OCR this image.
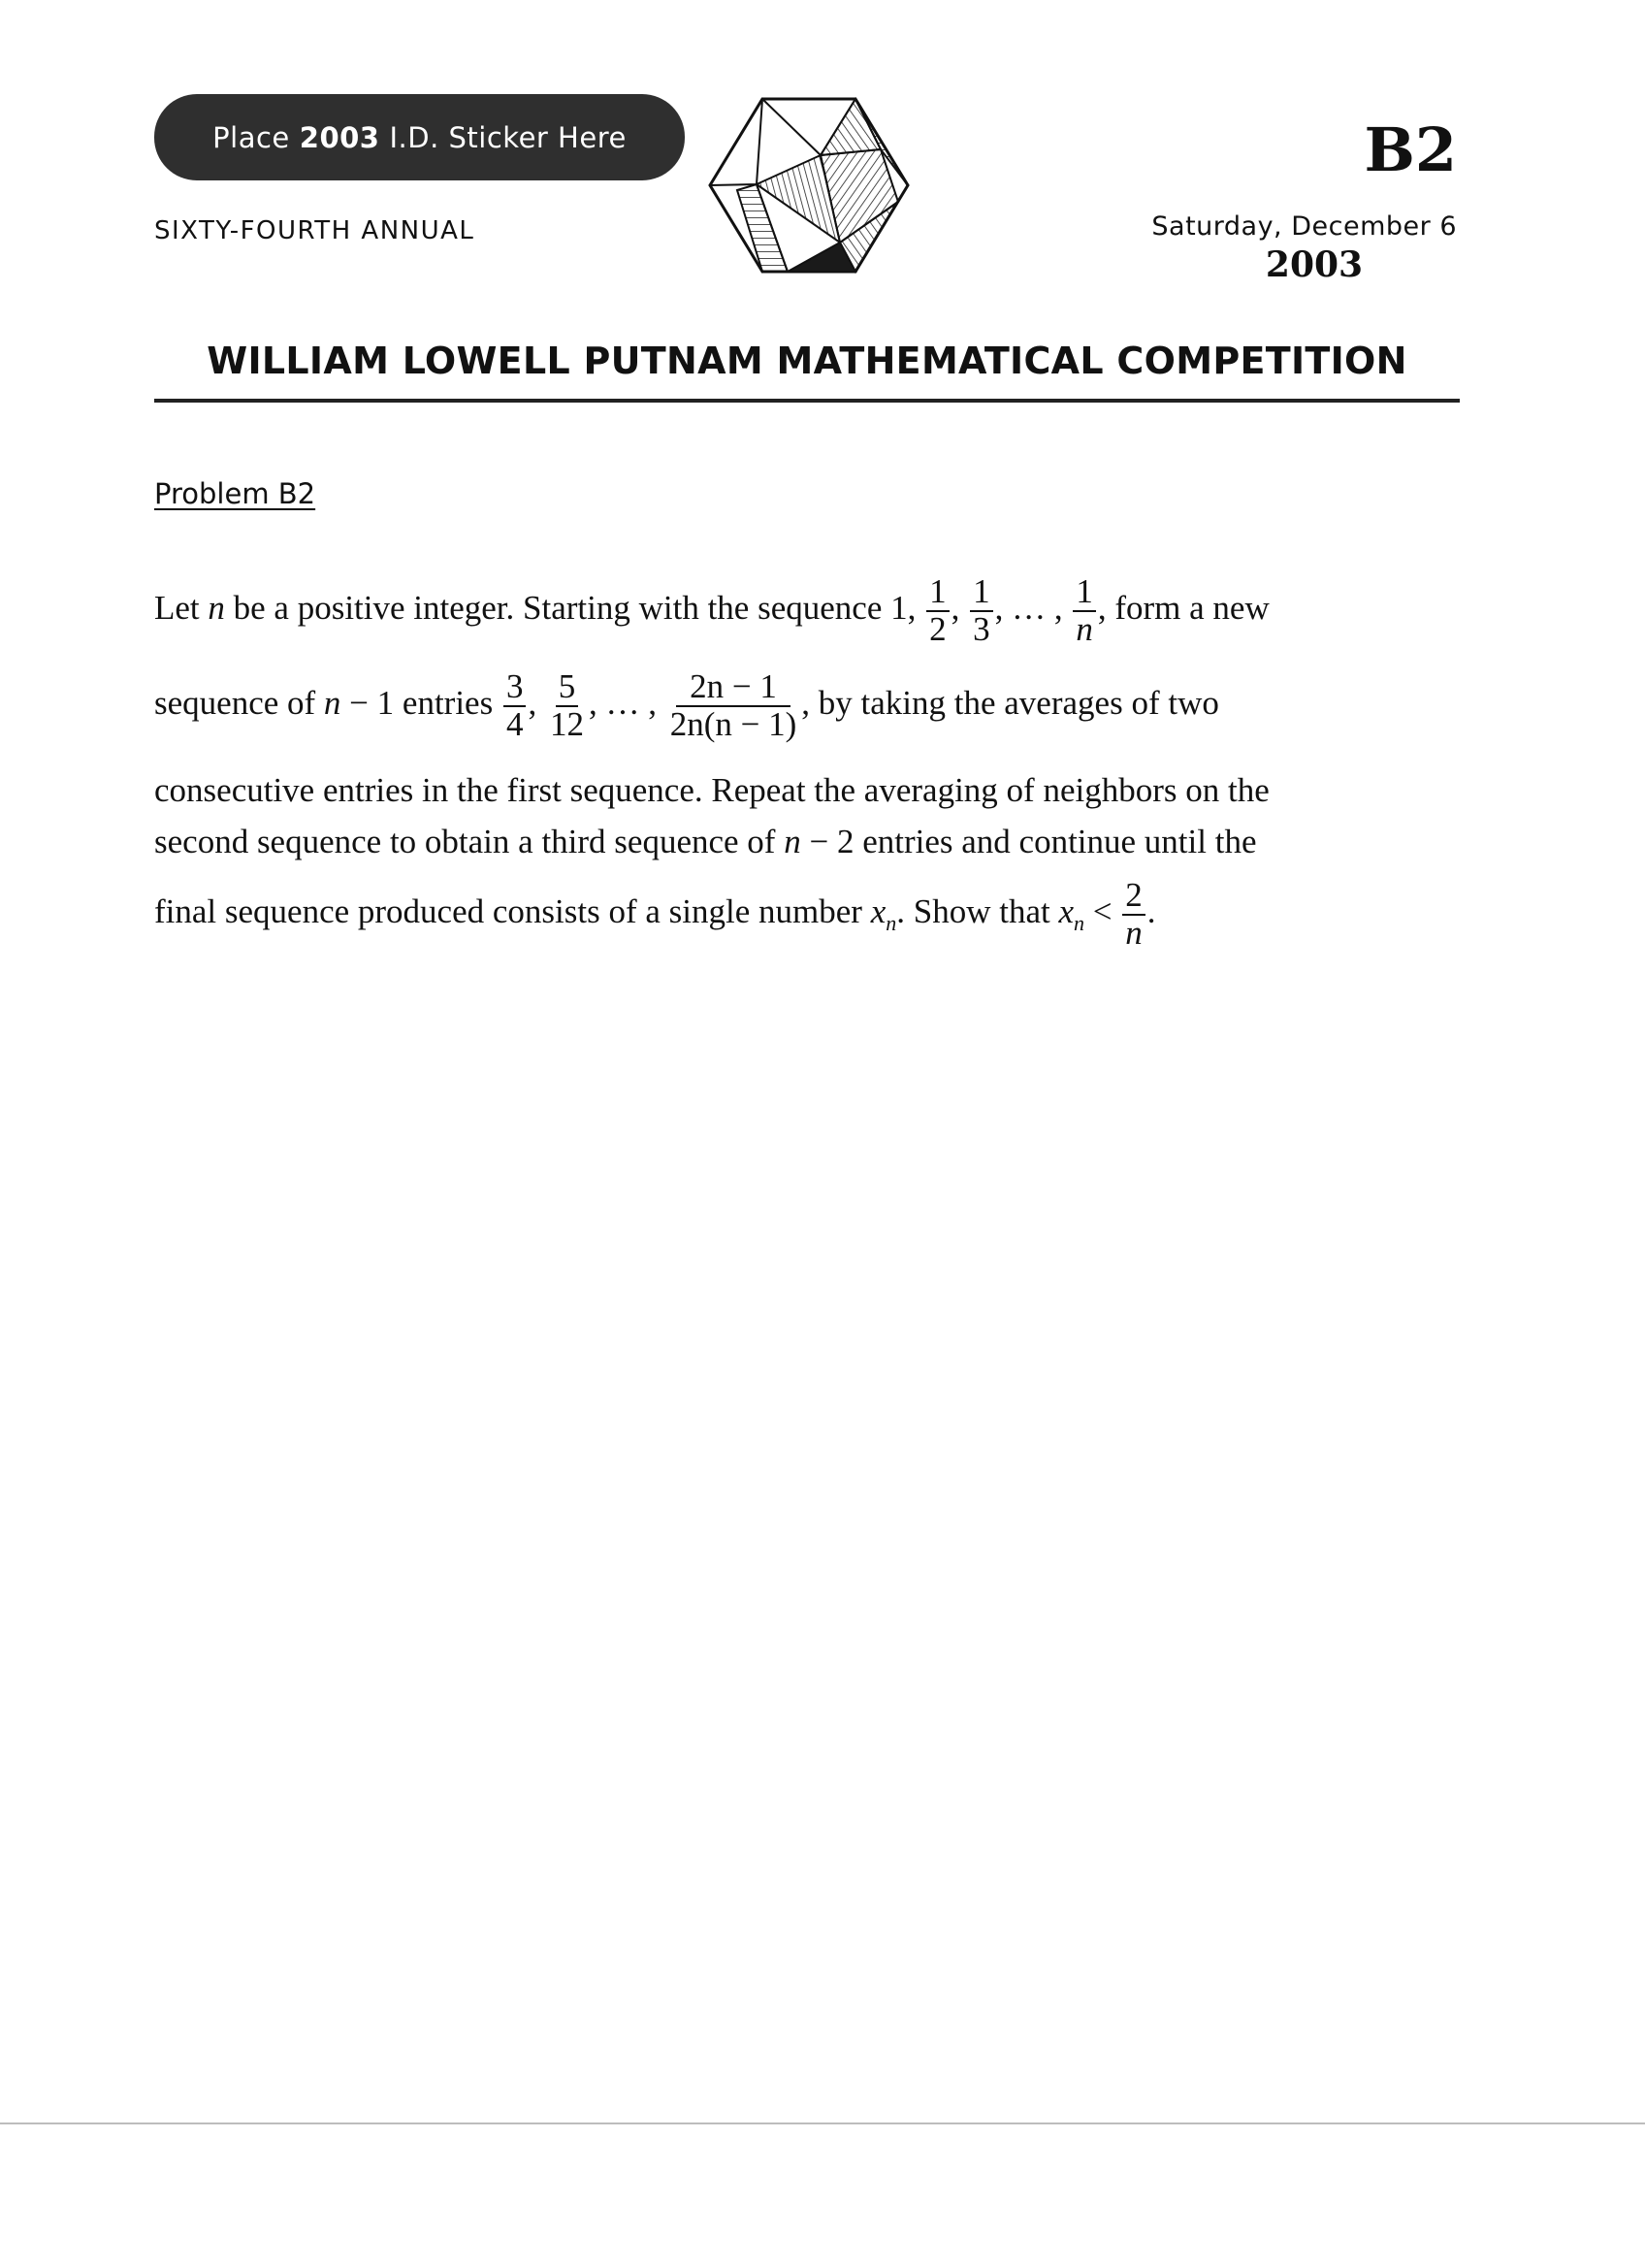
Place 2003 I.D. Sticker Here	B2
SIXTY-FOURTH ANNUAL	Saturday, December 6
2003
WILLIAM LOWELL PUTNAM MATHEMATICAL COMPETITION
Problem B2
Let n be a positive integer. Starting with the sequence 1, $\frac{1}{2}$ , $\frac{1}{3}$ , … , $\frac{1}{n}$ , form a new
sequence of n − 1 entries $\frac{3}{4}$ , $\frac{5}{12}$ , … , $\frac{2n - 1}{2n(n - 1)}$ , by taking the averages of two
consecutive entries in the first sequence. Repeat the averaging of neighbors on the
second sequence to obtain a third sequence of n − 2 entries and continue until the
final sequence produced consists of a single number $x_n$. Show that $x_n < \frac{2}{n}$ .
